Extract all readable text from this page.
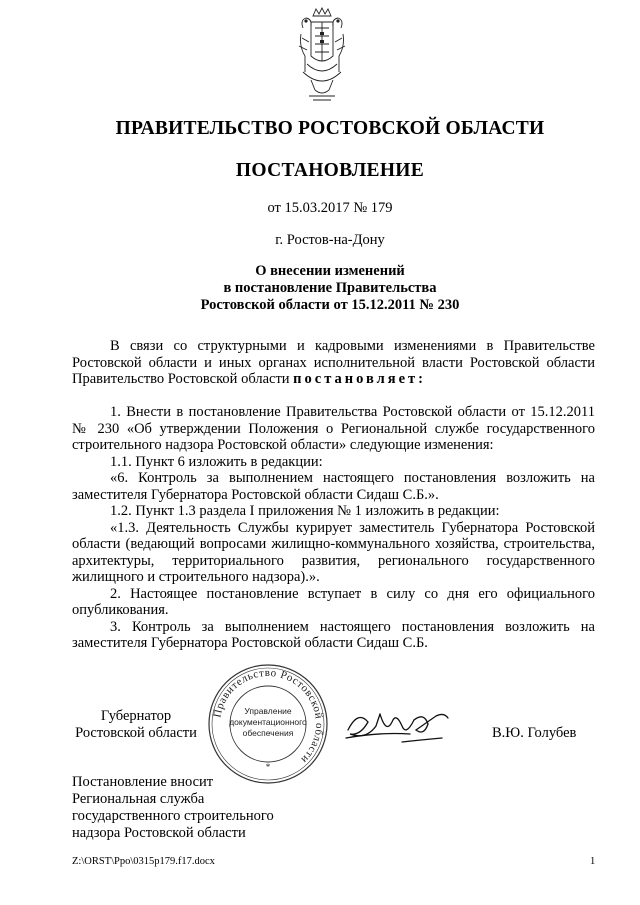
ПРАВИТЕЛЬСТВО РОСТОВСКОЙ ОБЛАСТИ
ПОСТАНОВЛЕНИЕ
от 15.03.2017 № 179
г. Ростов-на-Дону
О внесении изменений
в постановление Правительства
Ростовской области от 15.12.2011 № 230

В связи со структурными и кадровыми изменениями в Правительстве Ростовской области и иных органах исполнительной власти Ростовской области Правительство Ростовской области постановляет:

1. Внести в постановление Правительства Ростовской области от 15.12.2011 № 230 «Об утверждении Положения о Региональной службе государственного строительного надзора Ростовской области» следующие изменения:

1.1. Пункт 6 изложить в редакции:

«6. Контроль за выполнением настоящего постановления возложить на заместителя Губернатора Ростовской области Сидаш С.Б.».

1.2. Пункт 1.3 раздела I приложения № 1 изложить в редакции:

«1.3. Деятельность Службы курирует заместитель Губернатора Ростовской области (ведающий вопросами жилищно-коммунального хозяйства, строительства, архитектуры, территориального развития, регионального государственного жилищного и строительного надзора).».

2. Настоящее постановление вступает в силу со дня его официального опубликования.

3. Контроль за выполнением настоящего постановления возложить на заместителя Губернатора Ростовской области Сидаш С.Б.

Губернатор
Ростовской области
Правительство Ростовской области
*
Управление
документационного
обеспечения	В.Ю. Голубев
Постановление вносит
Региональная служба
государственного строительного
надзора Ростовской области
Z:\ORST\Ppo\0315p179.f17.docx	1
